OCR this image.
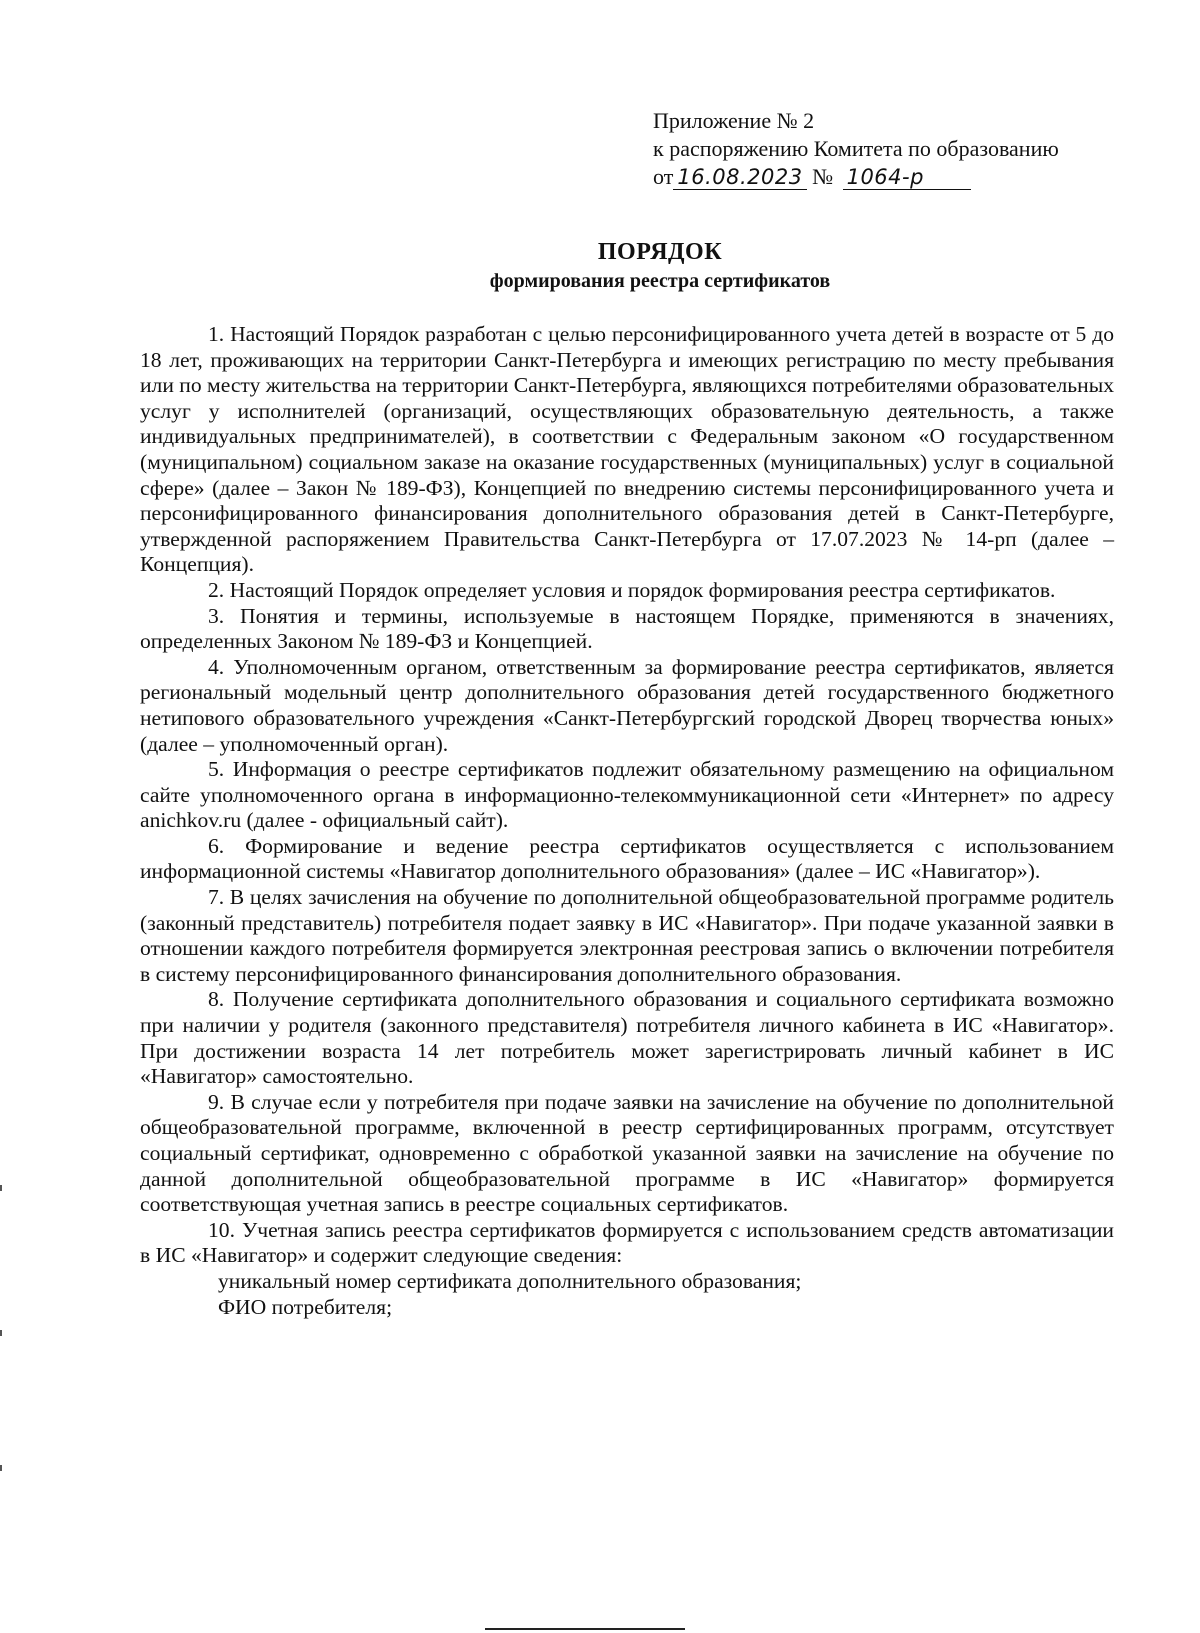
Приложение № 2
к распоряжению Комитета по образованию
от 16.08.2023 № 1064-р
ПОРЯДОК
формирования реестра сертификатов

1. Настоящий Порядок разработан с целью персонифицированного учета детей в возрасте от 5 до 18 лет, проживающих на территории Санкт-Петербурга и имеющих регистрацию по месту пребывания или по месту жительства на территории Санкт-Петербурга, являющихся потребителями образовательных услуг у исполнителей (организаций, осуществляющих образовательную деятельность, а также индивидуальных предпринимателей), в соответствии с Федеральным законом «О государственном (муниципальном) социальном заказе на оказание государственных (муниципальных) услуг в социальной сфере» (далее – Закон № 189-ФЗ), Концепцией по внедрению системы персонифицированного учета и персонифицированного финансирования дополнительного образования детей в Санкт-Петербурге, утвержденной распоряжением Правительства Санкт-Петербурга от 17.07.2023 № 14-рп (далее – Концепция).

2. Настоящий Порядок определяет условия и порядок формирования реестра сертификатов.

3. Понятия и термины, используемые в настоящем Порядке, применяются в значениях, определенных Законом № 189-ФЗ и Концепцией.

4. Уполномоченным органом, ответственным за формирование реестра сертификатов, является региональный модельный центр дополнительного образования детей государственного бюджетного нетипового образовательного учреждения «Санкт-Петербургский городской Дворец творчества юных» (далее – уполномоченный орган).

5. Информация о реестре сертификатов подлежит обязательному размещению на официальном сайте уполномоченного органа в информационно-телекоммуникационной сети «Интернет» по адресу anichkov.ru (далее - официальный сайт).

6. Формирование и ведение реестра сертификатов осуществляется с использованием информационной системы «Навигатор дополнительного образования» (далее – ИС «Навигатор»).

7. В целях зачисления на обучение по дополнительной общеобразовательной программе родитель (законный представитель) потребителя подает заявку в ИС «Навигатор». При подаче указанной заявки в отношении каждого потребителя формируется электронная реестровая запись о включении потребителя в систему персонифицированного финансирования дополнительного образования.

8. Получение сертификата дополнительного образования и социального сертификата возможно при наличии у родителя (законного представителя) потребителя личного кабинета в ИС «Навигатор». При достижении возраста 14 лет потребитель может зарегистрировать личный кабинет в ИС «Навигатор» самостоятельно.

9. В случае если у потребителя при подаче заявки на зачисление на обучение по дополнительной общеобразовательной программе, включенной в реестр сертифицированных программ, отсутствует социальный сертификат, одновременно с обработкой указанной заявки на зачисление на обучение по данной дополнительной общеобразовательной программе в ИС «Навигатор» формируется соответствующая учетная запись в реестре социальных сертификатов.

10. Учетная запись реестра сертификатов формируется с использованием средств автоматизации в ИС «Навигатор» и содержит следующие сведения:

уникальный номер сертификата дополнительного образования;

ФИО потребителя;
